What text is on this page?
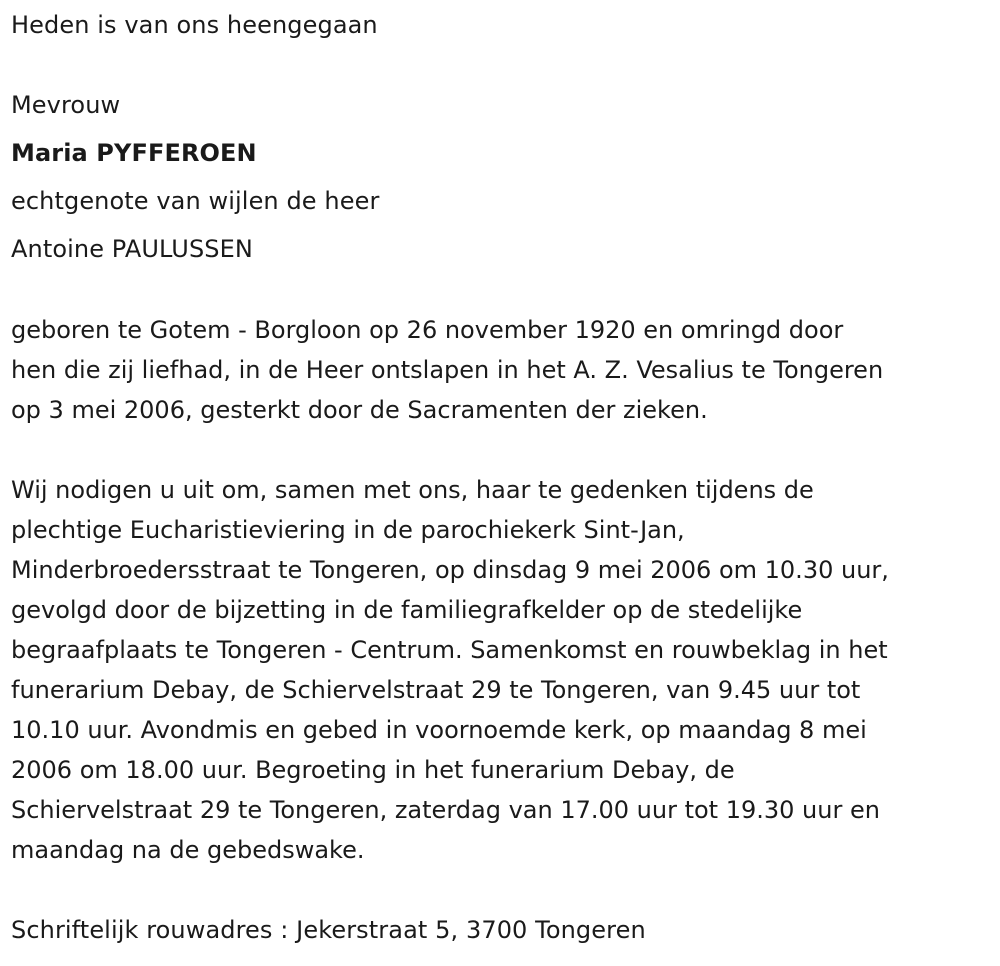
Heden is van ons heengegaan
Mevrouw
Maria PYFFEROEN
echtgenote van wijlen de heer
Antoine PAULUSSEN
geboren te Gotem - Borgloon op 26 november 1920 en omringd door
hen die zij liefhad, in de Heer ontslapen in het A. Z. Vesalius te Tongeren
op 3 mei 2006, gesterkt door de Sacramenten der zieken.
Wij nodigen u uit om, samen met ons, haar te gedenken tijdens de
plechtige Eucharistieviering in de parochiekerk Sint-Jan,
Minderbroedersstraat te Tongeren, op dinsdag 9 mei 2006 om 10.30 uur,
gevolgd door de bijzetting in de familiegrafkelder op de stedelijke
begraafplaats te Tongeren - Centrum. Samenkomst en rouwbeklag in het
funerarium Debay, de Schiervelstraat 29 te Tongeren, van 9.45 uur tot
10.10 uur. Avondmis en gebed in voornoemde kerk, op maandag 8 mei
2006 om 18.00 uur. Begroeting in het funerarium Debay, de
Schiervelstraat 29 te Tongeren, zaterdag van 17.00 uur tot 19.30 uur en
maandag na de gebedswake.
Schriftelijk rouwadres : Jekerstraat 5, 3700 Tongeren
